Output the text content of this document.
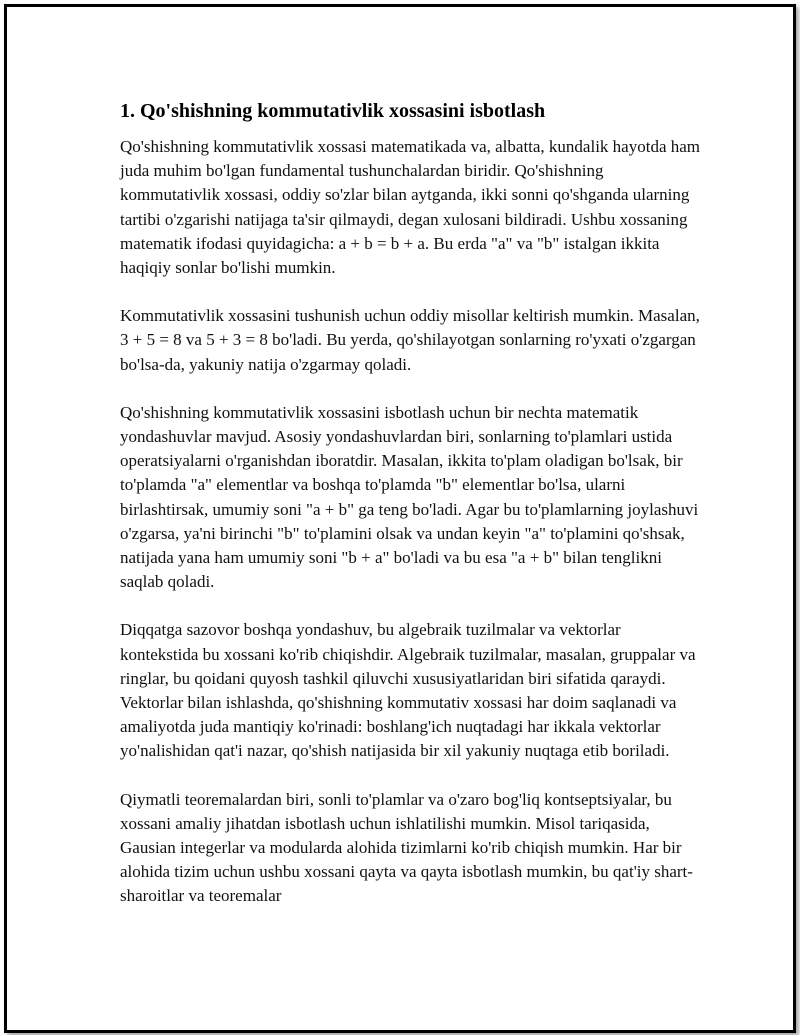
1. Qo'shishning kommutativlik xossasini isbotlash

Qo'shishning kommutativlik xossasi matematikada va, albatta, kundalik hayotda ham juda muhim bo'lgan fundamental tushunchalardan biridir. Qo'shishning kommutativlik xossasi, oddiy so'zlar bilan aytganda, ikki sonni qo'shganda ularning tartibi o'zgarishi natijaga ta'sir qilmaydi, degan xulosani bildiradi. Ushbu xossaning matematik ifodasi quyidagicha: a + b = b + a. Bu erda "a" va "b" istalgan ikkita haqiqiy sonlar bo'lishi mumkin.

Kommutativlik xossasini tushunish uchun oddiy misollar keltirish mumkin. Masalan, 3 + 5 = 8 va 5 + 3 = 8 bo'ladi. Bu yerda, qo'shilayotgan sonlarning ro'yxati o'zgargan bo'lsa-da, yakuniy natija o'zgarmay qoladi.

Qo'shishning kommutativlik xossasini isbotlash uchun bir nechta matematik yondashuvlar mavjud. Asosiy yondashuvlardan biri, sonlarning to'plamlari ustida operatsiyalarni o'rganishdan iboratdir. Masalan, ikkita to'plam oladigan bo'lsak, bir to'plamda "a" elementlar va boshqa to'plamda "b" elementlar bo'lsa, ularni birlashtirsak, umumiy soni "a + b" ga teng bo'ladi. Agar bu to'plamlarning joylashuvi o'zgarsa, ya'ni birinchi "b" to'plamini olsak va undan keyin "a" to'plamini qo'shsak, natijada yana ham umumiy soni "b + a" bo'ladi va bu esa "a + b" bilan tenglikni saqlab qoladi.

Diqqatga sazovor boshqa yondashuv, bu algebraik tuzilmalar va vektorlar kontekstida bu xossani ko'rib chiqishdir. Algebraik tuzilmalar, masalan, gruppalar va ringlar, bu qoidani quyosh tashkil qiluvchi xususiyatlaridan biri sifatida qaraydi. Vektorlar bilan ishlashda, qo'shishning kommutativ xossasi har doim saqlanadi va amaliyotda juda mantiqiy ko'rinadi: boshlang'ich nuqtadagi har ikkala vektorlar yo'nalishidan qat'i nazar, qo'shish natijasida bir xil yakuniy nuqtaga etib boriladi.

Qiymatli teoremalardan biri, sonli to'plamlar va o'zaro bog'liq kontseptsiyalar, bu xossani amaliy jihatdan isbotlash uchun ishlatilishi mumkin. Misol tariqasida, Gausian integerlar va modularda alohida tizimlarni ko'rib chiqish mumkin. Har bir alohida tizim uchun ushbu xossani qayta va qayta isbotlash mumkin, bu qat'iy shart-sharoitlar va teoremalar
